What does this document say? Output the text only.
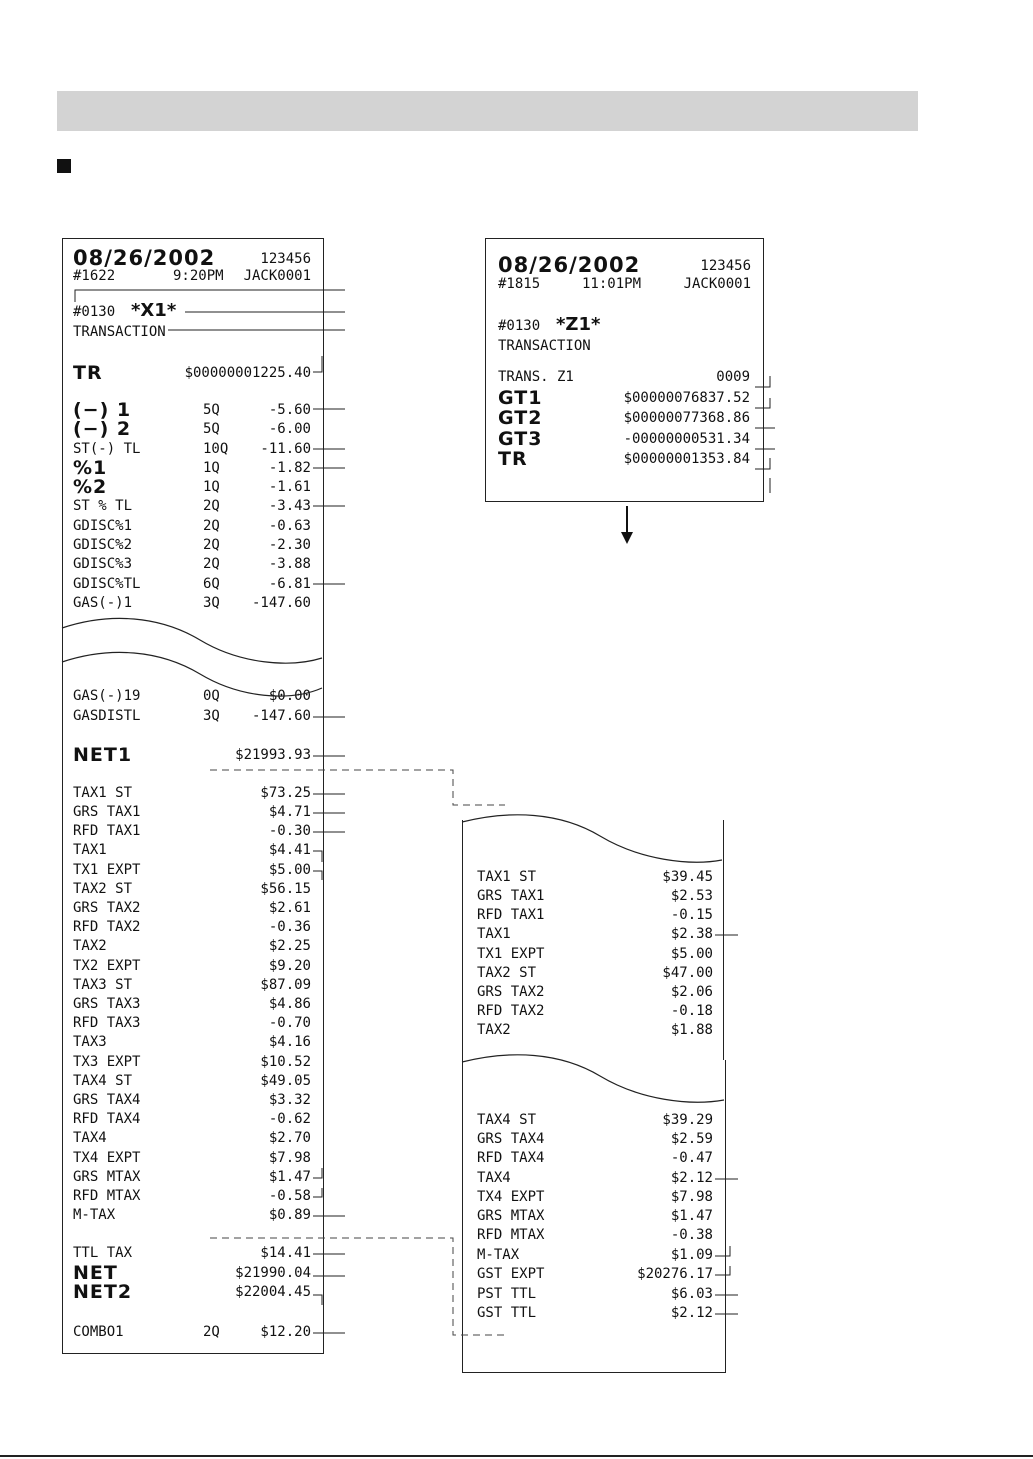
08/26/2002	123456
#1622	9:20PM JACK0001
#0130 *X1*
TRANSACTION
TR	$00000001225.40
(−) 1	5Q	-5.60
(−) 2	5Q	-6.00
ST(-) TL	10Q -11.60
%1	1Q	-1.82
%2	1Q	-1.61
ST % TL	2Q	-3.43
GDISC%1	2Q	-0.63
GDISC%2	2Q	-2.30
GDISC%3	2Q	-3.88
GDISC%TL	6Q	-6.81
GAS(-)1	3Q -147.60
GAS(-)19	0Q	$0.00
GASDISTL	3Q -147.60
NET1	$21993.93
TAX1 ST	$73.25
GRS TAX1	$4.71
RFD TAX1	-0.30
TAX1	$4.41
TX1 EXPT	$5.00
TAX2 ST	$56.15
GRS TAX2	$2.61
RFD TAX2	-0.36
TAX2	$2.25
TX2 EXPT	$9.20
TAX3 ST	$87.09
GRS TAX3	$4.86
RFD TAX3	-0.70
TAX3	$4.16
TX3 EXPT	$10.52
TAX4 ST	$49.05
GRS TAX4	$3.32
RFD TAX4	-0.62
TAX4	$2.70
TX4 EXPT	$7.98
GRS MTAX	$1.47
RFD MTAX	-0.58
M-TAX	$0.89
TTL TAX	$14.41
NET	$21990.04
NET2	$22004.45
COMBO1	2Q	$12.20
08/26/2002	123456
#1815	11:01PM	JACK0001
#0130 *Z1*
TRANSACTION
TRANS. Z1	0009
GT1	$00000076837.52
GT2	$00000077368.86
GT3	-00000000531.34
TR	$00000001353.84
TAX1 ST	$39.45
GRS TAX1	$2.53
RFD TAX1	-0.15
TAX1	$2.38
TX1 EXPT	$5.00
TAX2 ST	$47.00
GRS TAX2	$2.06
RFD TAX2	-0.18
TAX2	$1.88
TAX4 ST	$39.29
GRS TAX4	$2.59
RFD TAX4	-0.47
TAX4	$2.12
TX4 EXPT	$7.98
GRS MTAX	$1.47
RFD MTAX	-0.38
M-TAX	$1.09
GST EXPT	$20276.17
PST TTL	$6.03
GST TTL	$2.12
